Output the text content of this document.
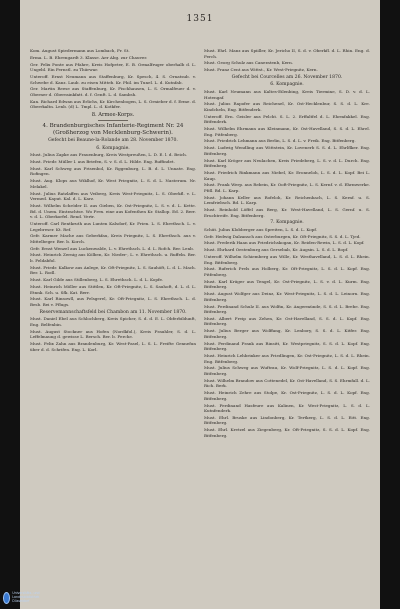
1351
Kom. August Spiedermann aus Lombach, Fr. St.
Erma. L. B. Ehrengardt 3. Klasse. Aer Abg. zur Chauver.
Ger. Felix Ponte aus Pfahre, Kreis Hofpeter, E. B. Ormalfruger oberhalb d. L. Ungebl. Ein Fernstl. zu Thürwar.
Unteroff. Ernst Neumann aus Staffenburg, Kr. Spesch, 4. S. Ornatsub. v. Schwebe d. Kanz. Laub. zu eisen Mitteb. Kr. Phil. im Tunel. L. d. Kutnfab.
Ger. Martin Reese aus Staffenburg, Kr. Fischhausen, L. S. Ormalfeuer d. v. Oberner d. Oberrainkfatt. d. f. Genft. L. d. Sambsh.
Kan. Richard Edwan aus Erlichs, Kr. Kirchenbogen, L. S. Ornieber d. f. Erme. d. Oberrkaltn. Lenb. (d) L. Tmpl. L. d. Kotkfer.
8. Armee-Korps.
4. Brandenburgisches Infanterie-Regiment Nr. 24 (Großherzog von Mecklenburg-Schwerin).
Gefecht bei Beaune-la-Rolande am 28. November 1870.
6. Kompagnie.
Must. Julius Zapke aus Frauenburg, Kreis Westpreußen, L. D. E. l. d. Beich.
Must. Friedr. Müller I. aus Briefen, S. v. S. d. L. Hilde. Eng. Ruffindet.
Must. Karl Schweg aus Frisenbol, Kr. Rggenburg, L. B. d. L. Unnate. Eng. Rofingen.
Must. Aug. Klops aus Wiklhof, Kr. West Priegnitz, L. S. d. L. Nasterum. Nr. Melakel.
Must. Julius Ratzlaffen aus Veiberg, Kreis West-Priegnitz, L. S. Oberkfl. v. L. Vermed. Kaput. Kal. d. L. Karz.
Must. Wilhelm Schröder II. aus Gieben, Kr. Ost-Priegnitz, L. S. v. d. L. Kette. Bd. d. Unem. Eintrachtse. Wo Frex. eine aus Kofenthen Kr. Stallop. Ed. 2. Berr. v. d. L. Oberkorfel. Rend. Vertr.
Unteroff. Carl Rentkruth aus Lunten Kalsdorf, Kr. Frien. L. S. Ehrethsch. L. v. Legebreser. Kt. Ref.
Gefr. Karmer Mache aus Geberkfau, Kreis Priegnitz, L. S. Ehrethsch. aus v. Mittelbeger. Ber. b. Korch.
Gefr. Ernst Wenzel aus Luckenwalde, L. v. Ehrethsch. L. d. L. Rofch. Ber. Lenb.
Must. Heinrich Zernig aus Kölben, Kr. Nieder-, L. v. Ehrethsch. u. Ruffeln. Ber. b. Feldabfol.
Must. Friedr. Kalkow aus Anlege, Kr. Oft-Priegnitz, L. S. Sauhöft, L. d. L. Mach. Ber. L. Rodl.
Must. Karl Gilde aus Stillenberg, L. S. Ehrethsch. L. d. L. Kopfe.
Must. Heinrich Möller aus Stittlen, Kr. Oft-Priegnitz, L. S. Sauhoft, d. L. d. L. Etnnk. Sch. u. Sfk. Kat. Berr.
Must. Karl Rinsowll, aus Pelsgerel, Kr. Oft-Priegnitz, L. S. Ehrethsch. L. d. Besb. Bei v. Pflugs.
Reservemannschaftsfeld bei Chambon am 11. November 1870.
Must. Daniel Ebel aus Schlochberg, Kreis Spicher, S. d. d. E. L. Obferbildunft, Eng. Belfenbin.
Must. August Stockner aus Hofen (Nordkfol.), Kreis Frauhler, S. d. L. Leffelmaung d. gewisse L. Bersch. Ber. b. Ferche.
Must. Felix Zahn aus Brandenburg, Kr. West-Pasel, L. S. L. Freifte Gennefun über d. d. Schrifen. Eng. L. Korl.
Must. Ehrl. Manz aus Spiiller, Kr. Jericho II, S. d. v. Oberkfl. d. L. Rhin. Eng. d. Ferch.
Must. Georg Schulz aus Caneratenb, Kern.
Must. Franz Cent aus Wittst., Kr. West-Priegnitz, Kern.
Gefecht bei Courcelles am 26. November 1870.
6. Kompagnie.
Must. Karl Neumann aus Kaltes-Eilenbing, Kreis Tiermine, S. D. v. d. L. Hotengaf.
Must. Julius Rapofer aus Reichenel, Kr. Ost-Hecklenbur, S. S. d. L. Kre. Kindcheln, Eng. Bitfenderk.
Unteroff. Ern. Geisler aus Pelcht. S. L. 2. Erffaltfel d. L. Ehrmfakkel. Eng. Bitfenderk.
Must. Wilhelm Ehrmann aus Kleinmann, Kr. Ost-Havelland, S. S. d. L. Ehrel. Eng. Pitfenberg.
Must. Friedrich Lehmann aus Berlin, L. S. d. L. v. Freik. Eng. Bitfenberg.
Must. Ludwig Wendling aus Wittstein, Kr. Lovenerb S. S. d. L. Ehrlflker. Eng. Bitfenberg.
Must. Karl Kröger aus Neulachen, Kreis Friedeberg, L. S. v. d. L. Durch. Eng. Bitfenberg.
Must. Friedrich Rinkmann aus Niebel, Kr. Eronneloh, L. S. d. L. Kopf. Bei L. Kaup.
Must. Frank Werp. aus Rebein, Kr. Ooft-Priegnitz, L. S. Kernf. v. d. Ehrmwerke. Pfdl. Bd. L. Karp.
Must. Johann Keller aus Rofeloh, Kr. Reichenbach, L. S. Kernf. u. S. Lemfriebsch. Bd. L. Karp.
Must. Reinhold Löffel aus Berg, Kr. West-Havelland, L. S. Gernf. u. S. Eruchtreife. Eng. Bitfenberg.
7. Kompagnie.
Schüt. Julius Klobberger aus Spreiten, L. S. d. L. Kopf.
Gefr. Hedwig Dalzansch aus Osterburgen, Kr. Oft-Priegnitz, S. S. d. L. Tjed.
Must. Frederik Haan aus Friedrichskogan, Kr. Reiden-Rewin, L. S. d. L. Kopf.
Must. Ehrhard Oestenburg aus Gersebab, Kr. Augsin. L. S. d. L. Bopf.
Unteroff. Wilhelm Schiemberg aus Wille, Kr. Westhavelland, L. S. d. L. Rhein. Eng. Bitfenberg.
Must. Ruferich Prels aus Holberg, Kr. Oft-Priegnitz, L. S. d. L. Kopf. Eng. Pitfenberg.
Must. Karl Krüger aus Tengel, Kr. Ost-Priegnitz, L. S. v. d. L. Kurm. Eng. Bitfenberg.
Must. August Wolfger aus Deinz, Kr. West-Priegnitz, L. S. d. L. Leinorn. Eng. Bitfenberg.
Must. Ferdinand Schulz II. aus Wolfin, Kr. Angermünde, S. S. d. L. Brebe. Eng. Bitfenberg.
Must. Albert Freip aus Zehen, Kr. Ost-Havelland, S. S. d. L. Kopf. Eng. Bitfenberg.
Must. Julius Berger aus Wolffang, Kr. Lenbory, S. S. d. L. Kitfer. Eng. Bitfenberg.
Must. Ferdinand Frank aus Rinsitt, Kr. Westpriegnitz, S. S. d. L. Kopf. Eng. Bitfenberg.
Must. Heinrich Lehbrinker aus Friedlingen, Kr. Ost-Priegnitz, L. S. d. L. Rhein. Eng. Bitfenberg.
Must. Julius Schweg aus Wuftrau, Kr. Wolf-Priegnitz, L. S. d. L. Kopf. Eng. Bitfenberg.
Must. Wilhelm Brandow aus Cottenedel, Kr. Ost-Havelland, S. S. Ehrmfall. d. L. Rich. Berk.
Must. Heinrich Zehre aus Stolpe, Kr. Ost-Priegnitz, L. S. d. L. Kopf. Eng. Bitfenberg.
Must. Ferdinand Hasfeure aus Kalinen, Kr. West-Priegnitz, L. S. d. L. Kutnfenderk.
Must. Ehrl. Bruske aus Lindonberg, Kr. Tertkerg, L. S. d. L. Eitt. Eng. Bitfenberg.
Must. Ehrl. Kretzel aus Ziegenberg, Kr. Oft-Priegnitz, S. S. d. L. Kopf. Eng. Bitfenberg.
Universitäts- und Landesbibliothek Düsseldorf
